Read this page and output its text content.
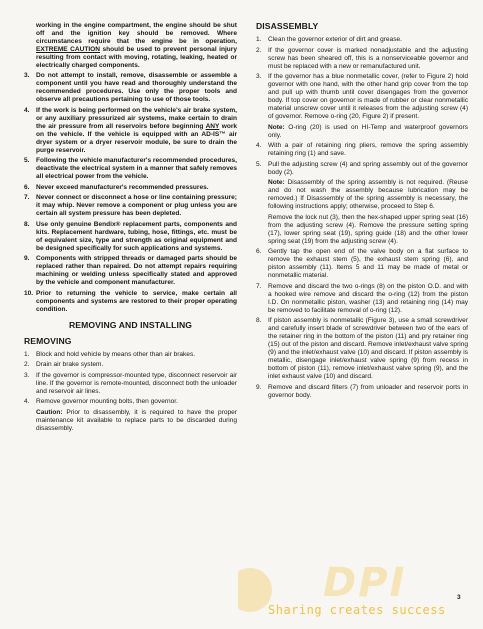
working in the engine compartment, the engine should be shut off and the ignition key should be removed. Where circumstances require that the engine be in operation, EXTREME CAUTION should be used to prevent personal injury resulting from contact with moving, rotating, leaking, heated or electrically charged components.
3. Do not attempt to install, remove, disassemble or assemble a component until you have read and thoroughly understand the recommended procedures. Use only the proper tools and observe all precautions pertaining to use of those tools.
4. If the work is being performed on the vehicle's air brake system, or any auxiliary pressurized air systems, make certain to drain the air pressure from all reservoirs before beginning ANY work on the vehicle. If the vehicle is equipped with an AD-IS™ air dryer system or a dryer reservoir module, be sure to drain the purge reservoir.
5. Following the vehicle manufacturer's recommended procedures, deactivate the electrical system in a manner that safely removes all electrical power from the vehicle.
6. Never exceed manufacturer's recommended pressures.
7. Never connect or disconnect a hose or line containing pressure; it may whip. Never remove a component or plug unless you are certain all system pressure has been depleted.
8. Use only genuine Bendix® replacement parts, components and kits. Replacement hardware, tubing, hose, fittings, etc. must be of equivalent size, type and strength as original equipment and be designed specifically for such applications and systems.
9. Components with stripped threads or damaged parts should be replaced rather than repaired. Do not attempt repairs requiring machining or welding unless specifically stated and approved by the vehicle and component manufacturer.
10. Prior to returning the vehicle to service, make certain all components and systems are restored to their proper operating condition.
REMOVING AND INSTALLING
REMOVING
1. Block and hold vehicle by means other than air brakes.
2. Drain air brake system.
3. If the governor is compressor-mounted type, disconnect reservoir air line. If the governor is remote-mounted, disconnect both the unloader and reservoir air lines.
4. Remove governor mounting bolts, then governor.
Caution: Prior to disassembly, it is required to have the proper maintenance kit available to replace parts to be discarded during disassembly.
DISASSEMBLY
1. Clean the governor exterior of dirt and grease.
2. If the governor cover is marked nonadjustable and the adjusting screw has been sheared off, this is a nonserviceable governor and must be replaced with a new or remanufactured unit.
3. If the governor has a blue nonmetallic cover, (refer to Figure 2) hold governor with one hand, with the other hand grip cover from the top and pull up with thumb until cover disengages from the governor body. If top cover on governor is made of rubber or clear nonmetallic material unscrew cover until it releases from the adjusting screw (4) of governor. Remove o-ring (20, Figure 2) if present.
Note: O-ring (20) is used on HI-Temp and waterproof governors only.
4. With a pair of retaining ring pliers, remove the spring assembly retaining ring (1) and save.
5. Pull the adjusting screw (4) and spring assembly out of the governor body (2).
Note: Disassembly of the spring assembly is not required. (Reuse and do not wash the assembly because lubrication may be removed.) If Disassembly of the spring assembly is necessary, the following instructions apply; otherwise, proceed to Step 6.
Remove the lock nut (3), then the hex-shaped upper spring seat (16) from the adjusting screw (4). Remove the pressure setting spring (17), lower spring seat (19), spring guide (18) and the other lower spring seat (19) from the adjusting screw (4).
6. Gently tap the open end of the valve body on a flat surface to remove the exhaust stem (5), the exhaust stem spring (6), and piston assembly (11). Items 5 and 11 may be made of metal or nonmetallic material.
7. Remove and discard the two o-rings (8) on the piston O.D. and with a hooked wire remove and discard the o-ring (12) from the piston I.D. On nonmetallic piston, washer (13) and retaining ring (14) may be removed to facilitate removal of o-ring (12).
8. If piston assembly is nonmetallic (Figure 3), use a small screwdriver and carefully insert blade of screwdriver between two of the ears of the retainer ring in the bottom of the piston (11) and pry retainer ring (15) out of the piston and discard. Remove inlet/exhaust valve spring (9) and the inlet/exhaust valve (10) and discard. If piston assembly is metallic, disengage inlet/exhaust valve spring (9) from recess in bottom of piston (11), remove inlet/exhaust valve spring (9), and the inlet exhaust valve (10) and discard.
9. Remove and discard filters (7) from unloader and reservoir ports in governor body.
DPI
Sharing creates success
3
